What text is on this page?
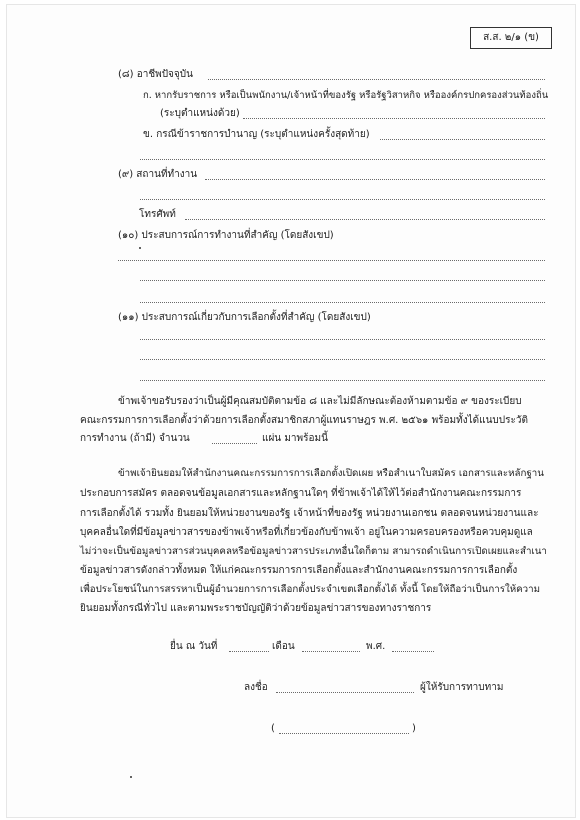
ส.ส. ๒/๑ (ข)
(๘) อาชีพปัจจุบัน
ก. หากรับราชการ หรือเป็นพนักงาน/เจ้าหน้าที่ของรัฐ หรือรัฐวิสาหกิจ หรือองค์กรปกครองส่วนท้องถิ่น
(ระบุตำแหน่งด้วย)
ข. กรณีข้าราชการบำนาญ (ระบุตำแหน่งครั้งสุดท้าย)
(๙) สถานที่ทำงาน
โทรศัพท์
(๑๐) ประสบการณ์การทำงานที่สำคัญ (โดยสังเขป)
(๑๑) ประสบการณ์เกี่ยวกับการเลือกตั้งที่สำคัญ (โดยสังเขป)
ข้าพเจ้าขอรับรองว่าเป็นผู้มีคุณสมบัติตามข้อ ๘ และไม่มีลักษณะต้องห้ามตามข้อ ๙ ของระเบียบ
คณะกรรมการการเลือกตั้งว่าด้วยการเลือกตั้งสมาชิกสภาผู้แทนราษฎร พ.ศ. ๒๕๖๑ พร้อมทั้งได้แนบประวัติ
การทำงาน (ถ้ามี) จำนวน	แผ่น มาพร้อมนี้
ข้าพเจ้ายินยอมให้สำนักงานคณะกรรมการการเลือกตั้งเปิดเผย หรือสำเนาใบสมัคร เอกสารและหลักฐาน
ประกอบการสมัคร ตลอดจนข้อมูลเอกสารและหลักฐานใดๆ ที่ข้าพเจ้าได้ให้ไว้ต่อสำนักงานคณะกรรมการ
การเลือกตั้งได้ รวมทั้ง ยินยอมให้หน่วยงานของรัฐ เจ้าหน้าที่ของรัฐ หน่วยงานเอกชน ตลอดจนหน่วยงานและ
บุคคลอื่นใดที่มีข้อมูลข่าวสารของข้าพเจ้าหรือที่เกี่ยวข้องกับข้าพเจ้า อยู่ในความครอบครองหรือควบคุมดูแล
ไม่ว่าจะเป็นข้อมูลข่าวสารส่วนบุคคลหรือข้อมูลข่าวสารประเภทอื่นใดก็ตาม สามารถดำเนินการเปิดเผยและสำเนา
ข้อมูลข่าวสารดังกล่าวทั้งหมด ให้แก่คณะกรรมการการเลือกตั้งและสำนักงานคณะกรรมการการเลือกตั้ง
เพื่อประโยชน์ในการสรรหาเป็นผู้อำนวยการการเลือกตั้งประจำเขตเลือกตั้งได้ ทั้งนี้ โดยให้ถือว่าเป็นการให้ความ
ยินยอมทั้งกรณีทั่วไป และตามพระราชบัญญัติว่าด้วยข้อมูลข่าวสารของทางราชการ
ยื่น ณ วันที่	เดือน	พ.ศ.
ลงชื่อ	ผู้ให้รับการทาบทาม
(	)
